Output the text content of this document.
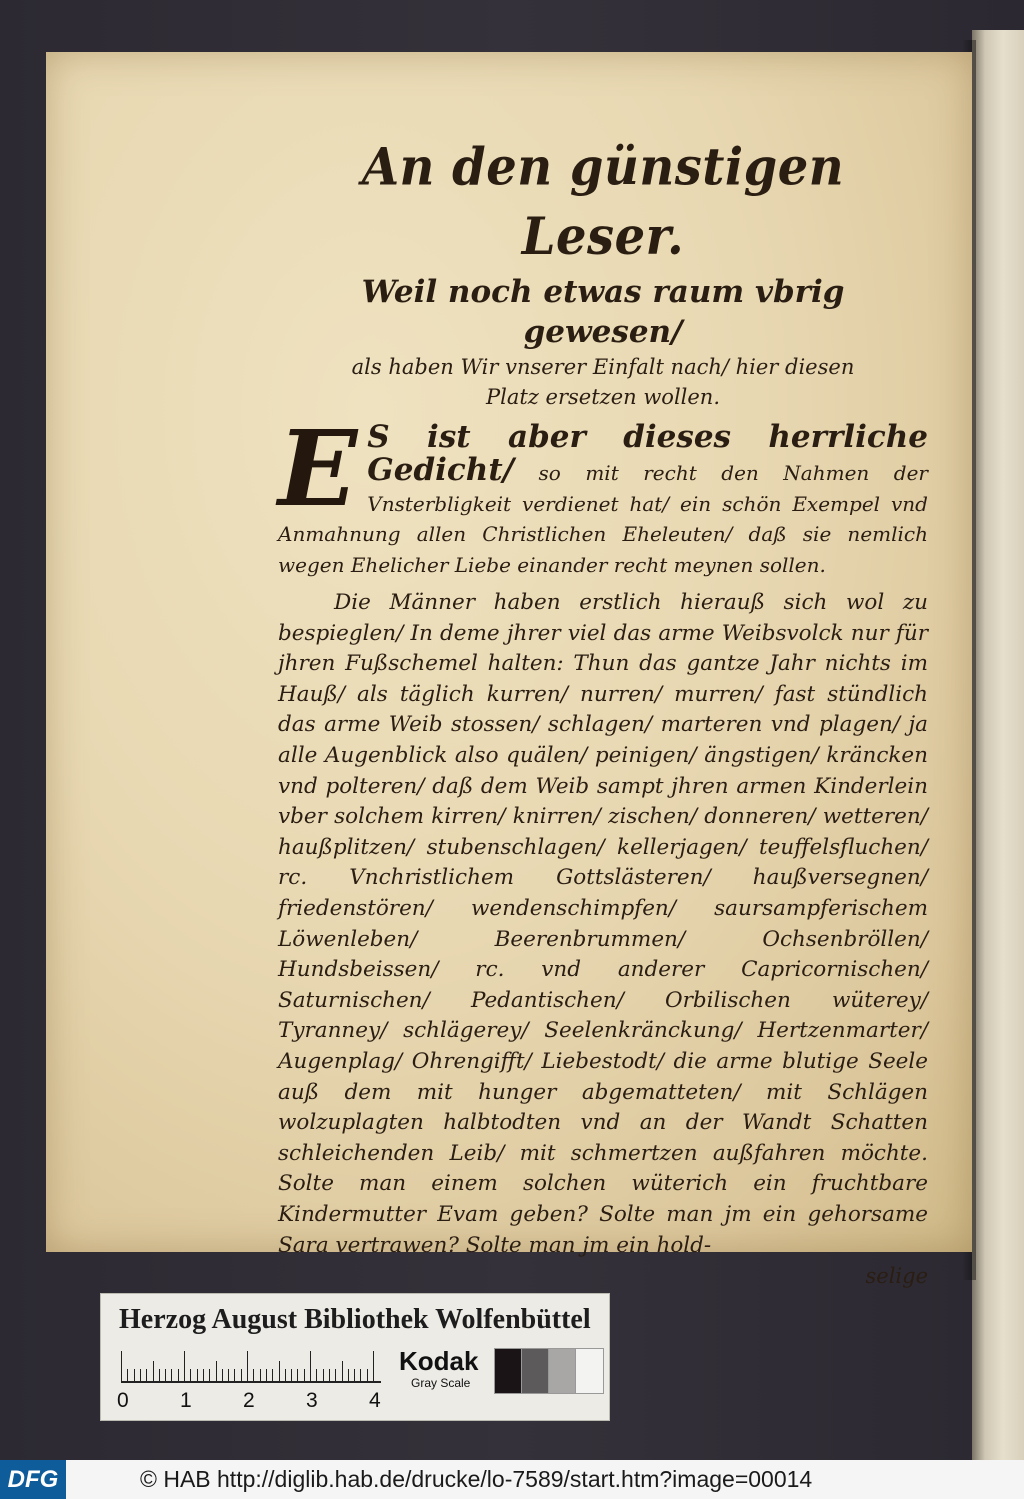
An den günstigen Leser.

Weil noch etwas raum vbrig gewesen/

als haben Wir vnserer Einfalt nach/ hier diesen

Platz ersetzen wollen.

E S ist aber dieses herrliche Gedicht/ so mit recht den Nahmen der Vnsterbligkeit verdienet hat/ ein schön Exempel vnd Anmahnung allen Christlichen Eheleuten/ daß sie nemlich wegen Ehelicher Liebe einander recht meynen sollen.

Die Männer haben erstlich hierauß sich wol zu bespieglen/ In deme jhrer viel das arme Weibsvolck nur für jhren Fußschemel halten: Thun das gantze Jahr nichts im Hauß/ als täglich kurren/ nurren/ murren/ fast stündlich das arme Weib stossen/ schlagen/ marteren vnd plagen/ ja alle Augenblick also quälen/ peinigen/ ängstigen/ kräncken vnd polteren/ daß dem Weib sampt jhren armen Kinderlein vber solchem kirren/ knirren/ zischen/ donneren/ wetteren/ haußplitzen/ stubenschlagen/ kellerjagen/ teuffelsfluchen/ rc. Vnchristlichem Gottslästeren/ haußversegnen/ friedenstören/ wendenschimpfen/ saursampferischem Löwenleben/ Beerenbrummen/ Ochsenbröllen/ Hundsbeissen/ rc. vnd anderer Capricornischen/ Saturnischen/ Pedantischen/ Orbilischen wüterey/ Tyranney/ schlägerey/ Seelenkränckung/ Hertzenmarter/ Augenplag/ Ohrengifft/ Liebestodt/ die arme blutige Seele auß dem mit hunger abgematteten/ mit Schlägen wolzuplagten halbtodten vnd an der Wandt Schatten schleichenden Leib/ mit schmertzen außfahren möchte. Solte man einem solchen wüterich ein fruchtbare Kindermutter Evam geben? Solte man jm ein gehorsame Sara vertrawen? Solte man jm ein hold-

selige

Herzog August Bibliothek Wolfenbüttel
0 1 2 3 4
Kodak
Gray Scale
DFG	© HAB http://diglib.hab.de/drucke/lo-7589/start.htm?image=00014
